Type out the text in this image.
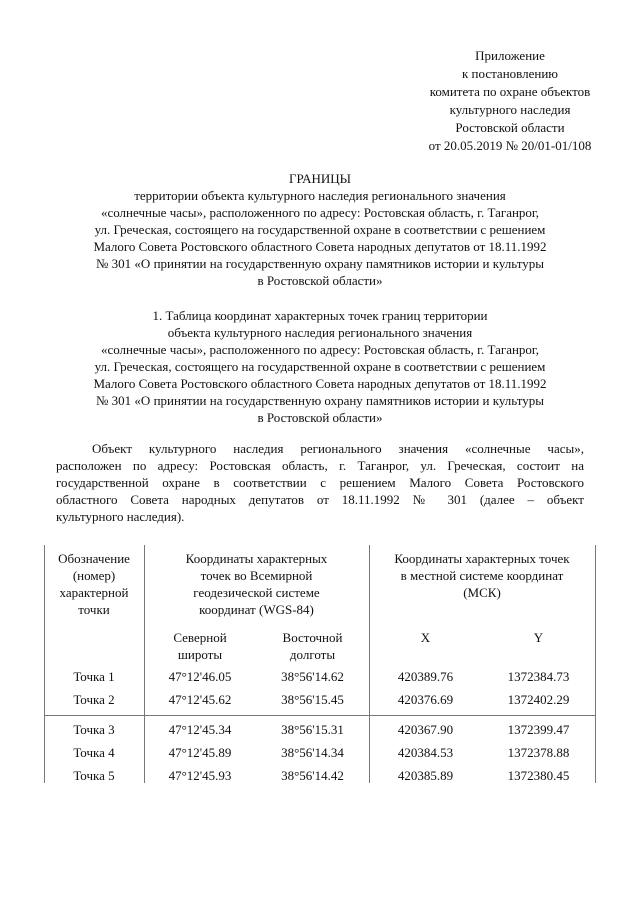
Приложение
к постановлению
комитета по охране объектов
культурного наследия
Ростовской области
от 20.05.2019 № 20/01-01/108
ГРАНИЦЫ
территории объекта культурного наследия регионального значения
«солнечные часы», расположенного по адресу: Ростовская область, г. Таганрог,
ул. Греческая, состоящего на государственной охране в соответствии с решением
Малого Совета Ростовского областного Совета народных депутатов от 18.11.1992
№ 301 «О принятии на государственную охрану памятников истории и культуры
в Ростовской области»
1. Таблица координат характерных точек границ территории
объекта культурного наследия регионального значения
«солнечные часы», расположенного по адресу: Ростовская область, г. Таганрог,
ул. Греческая, состоящего на государственной охране в соответствии с решением
Малого Совета Ростовского областного Совета народных депутатов от 18.11.1992
№ 301 «О принятии на государственную охрану памятников истории и культуры
в Ростовской области»
Объект культурного наследия регионального значения «солнечные часы»,
расположен по адресу: Ростовская область, г. Таганрог, ул. Греческая, состоит на
государственной охране в соответствии с решением Малого Совета Ростовского
областного Совета народных депутатов от 18.11.1992 № 301 (далее – объект
культурного наследия).
Обозначение
(номер)
характерной
точки
Координаты характерных
точек во Всемирной
геодезической системе
координат (WGS-84)
Координаты характерных точек
в местной системе координат
(МСК)
Северной
широты
Восточной
долготы
X	Y
Точка 1	47°12'46.05	38°56'14.62	420389.76	1372384.73
Точка 2	47°12'45.62	38°56'15.45	420376.69	1372402.29
Точка 3	47°12'45.34	38°56'15.31	420367.90	1372399.47
Точка 4	47°12'45.89	38°56'14.34	420384.53	1372378.88
Точка 5	47°12'45.93	38°56'14.42	420385.89	1372380.45
